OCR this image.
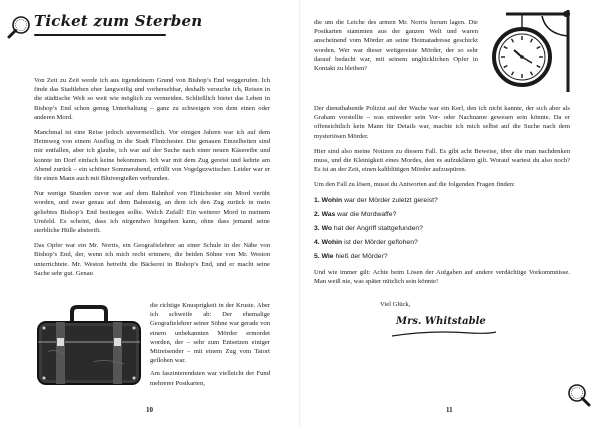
Ticket zum Sterben

Von Zeit zu Zeit werde ich aus irgendeinem Grund von Bishop’s End weggerufen. Ich finde das Stadtleben eher langweilig und vorhersehbar, deshalb versuche ich, Reisen in die städtische Welt so weit wie möglich zu vermeiden. Schließlich bietet das Leben in Bishop’s End schon genug Unterhaltung – ganz zu schweigen von dem einen oder anderen Mord.

Manchmal ist eine Reise jedoch unvermeidlich. Vor einigen Jahren war ich auf dem Heimweg von einem Ausflug in die Stadt Flintchester. Die genauen Einzelheiten sind mir entfallen, aber ich glaube, ich war auf der Suche nach einer neuen Käsereibe und konnte im Dorf einfach keine bekommen. Ich war mit dem Zug gereist und kehrte am Abend zurück – ein schöner Sommerabend, erfüllt von Vogelgezwitscher. Leider war er für einen Mann auch mit Blutvergießen verbunden.

Nur wenige Stunden zuvor war auf dem Bahnhof von Flintchester ein Mord verübt worden, und zwar genau auf dem Bahnsteig, an dem ich den Zug zurück in mein geliebtes Bishop’s End bestiegen sollte. Welch Zufall! Ein weiterer Mord in meinem Umfeld. Es scheint, dass ich nirgendwo hingehen kann, ohne dass jemand seine sterbliche Hülle abstreift.

Das Opfer war ein Mr. Norris, ein Geografielehrer an einer Schule in der Nähe von Bishop’s End, der, wenn ich mich recht erinnere, die beiden Söhne von Mr. Weston unterrichtete. Mr. Weston betreibt die Bäckerei in Bishop’s End, und er macht seine Sache sehr gut. Genau

die richtige Knusprigkeit in der Kruste. Aber ich schweife ab: Der ehemalige Geografielehrer seiner Söhne war gerade von einem unbekannten Mörder ermordet worden, der – sehr zum Entsetzen einiger Mitreisender – mit einem Zug vom Tatort geflohen war.

Am faszinierendsten war vielleicht der Fund mehrerer Postkarten,

10

die um die Leiche des armen Mr. Norris herum lagen. Die Postkarten stammten aus der ganzen Welt und waren anscheinend vom Mörder an seine Heimatadresse geschickt worden. Wer war dieser weitgereiste Mörder, der so sehr darauf bedacht war, mit seinem unglücklichen Opfer in Kontakt zu bleiben?

Der diensthabende Polizist auf der Wache war ein Kerl, den ich nicht kannte, der sich aber als Graham vorstellte – was entweder sein Vor- oder Nachname gewesen sein könnte. Da er offensichtlich kein Mann für Details war, machte ich mich selbst auf die Suche nach dem mysteriösen Mörder.

Hier sind also meine Notizen zu diesem Fall. Es gibt acht Beweise, über die man nachdenken muss, und die Kleinigkeit eines Mordes, den es aufzuklären gilt. Worauf wartest du also noch? Es ist an der Zeit, einen kaltblütigen Mörder aufzuspüren.

Um den Fall zu lösen, musst du Antworten auf die folgenden Fragen finden:

1. Wohin war der Mörder zuletzt gereist?
2. Was war die Mordwaffe?
3. Wo hat der Angriff stattgefunden?
4. Wohin ist der Mörder geflohen?
5. Wie hieß der Mörder?

Und wie immer gilt: Achte beim Lösen der Aufgaben auf andere verdächtige Vorkommnisse. Man weiß nie, was später nützlich sein könnte!

Viel Glück,
Mrs. Whitstable
11
